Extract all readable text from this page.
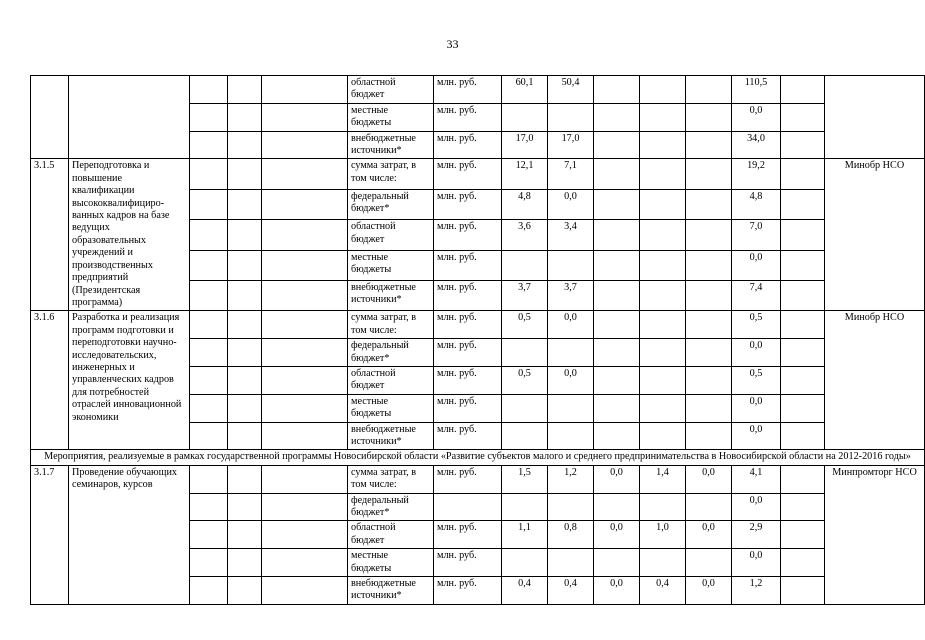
33
					областной бюджет	млн. руб.	60,1	50,4				110,5		
					местные бюджеты	млн. руб.						0,0		
					внебюджетные источники*	млн. руб.	17,0	17,0				34,0		
3.1.5	Переподготовка и повышение квалификации высококвалифициро-ванных кадров на базе ведущих образовательных учреждений и производственных предприятий (Президентская программа)				сумма затрат, в том числе:	млн. руб.	12,1	7,1				19,2		Минобр НСО
					федеральный бюджет*	млн. руб.	4,8	0,0				4,8		
					областной бюджет	млн. руб.	3,6	3,4				7,0		
					местные бюджеты	млн. руб.						0,0		
					внебюджетные источники*	млн. руб.	3,7	3,7				7,4		
3.1.6	Разработка и реализация программ подготовки и переподготовки научно-исследовательских, инженерных и управленческих кадров для потребностей отраслей инновационной экономики				сумма затрат, в том числе:	млн. руб.	0,5	0,0				0,5		Минобр НСО
					федеральный бюджет*	млн. руб.						0,0		
					областной бюджет	млн. руб.	0,5	0,0				0,5		
					местные бюджеты	млн. руб.						0,0		
					внебюджетные источники*	млн. руб.						0,0		
Мероприятия, реализуемые в рамках государственной программы Новосибирской области «Развитие субъектов малого и среднего предпринимательства в Новосибирской области на 2012-2016 годы»														
3.1.7	Проведение обучающих семинаров, курсов				сумма затрат, в том числе:	млн. руб.	1,5	1,2	0,0	1,4	0,0	4,1		Минпромторг НСО
					федеральный бюджет*							0,0		
					областной бюджет	млн. руб.	1,1	0,8	0,0	1,0	0,0	2,9		
					местные бюджеты	млн. руб.						0,0		
					внебюджетные источники*	млн. руб.	0,4	0,4	0,0	0,4	0,0	1,2		
